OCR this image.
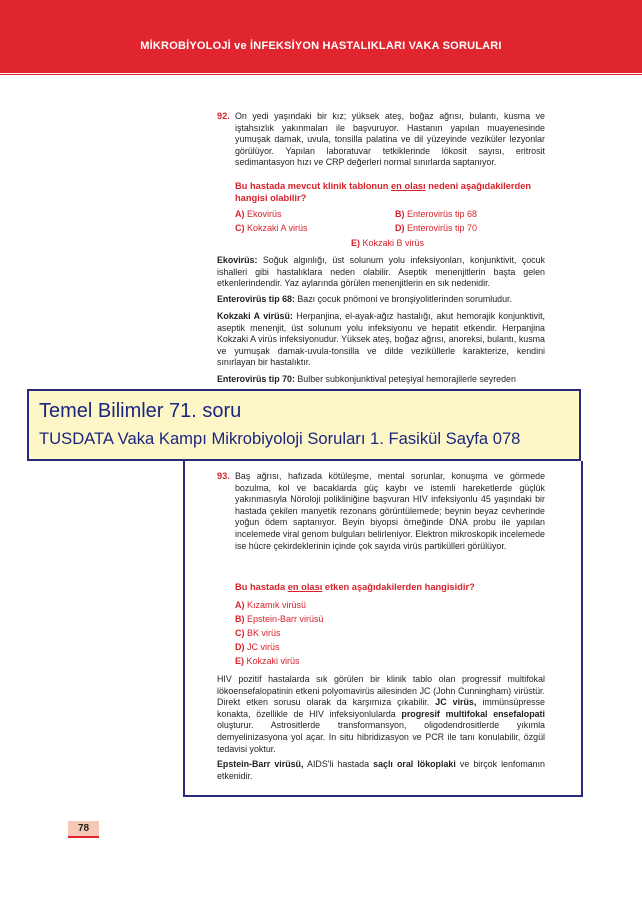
MİKROBİYOLOJİ ve İNFEKSİYON HASTALIKLARI VAKA SORULARI
92. On yedi yaşındaki bir kız; yüksek ateş, boğaz ağrısı, bulantı, kusma ve iştahsızlık yakınmaları ile başvuruyor. Hastanın yapılan muayenesinde yumuşak damak, uvula, tonsilla palatina ve dil yüzeyinde veziküler lezyonlar görülüyor. Yapılan laboratuvar tetkiklerinde lökosit sayısı, eritrosit sedimantasyon hızı ve CRP değerleri normal sınırlarda saptanıyor.
Bu hastada mevcut klinik tablonun en olası nedeni aşağıdakilerden hangisi olabilir?
A) Ekovirüs	B) Enterovirüs tip 68
C) Kokzaki A virüs	D) Enterovirüs tip 70
E) Kokzaki B virüs
Ekovirüs: Soğuk algınlığı, üst solunum yolu infeksiyonları, konjunktivit, çocuk ishalleri gibi hastalıklara neden olabilir. Aseptik menenjitlerin başta gelen etkenlerindendir. Yaz aylarında görülen menenjitlerin en sık nedenidir.
Enterovirüs tip 68: Bazı çocuk pnömoni ve bronşiyolitlerinden sorumludur.
Kokzaki A virüsü: Herpanjina, el-ayak-ağız hastalığı, akut hemorajik konjunktivit, aseptik menenjit, üst solunum yolu infeksiyonu ve hepatit etkendir. Herpanjina Kokzaki A virüs infeksiyonudur. Yüksek ateş, boğaz ağrısı, anoreksi, bulantı, kusma ve yumuşak damak-uvula-tonsilla ve dilde veziküllerle karakterize, kendini sınırlayan bir hastalıktır.
Enterovirüs tip 70: Bulber subkonjunktival peteşiyal hemorajilerle seyreden
Temel Bilimler 71. soru
TUSDATA Vaka Kampı Mikrobiyoloji Soruları 1. Fasikül Sayfa 078
93. Baş ağrısı, hafızada kötüleşme, mental sorunlar, konuşma ve görmede bozulma, kol ve bacaklarda güç kaybı ve istemli hareketlerde güçlük yakınmasıyla Nöroloji polikliniğine başvuran HIV infeksiyonlu 45 yaşındaki bir hastada çekilen manyetik rezonans görüntülemede; beynin beyaz cevherinde yoğun ödem saptanıyor. Beyin biyopsi örneğinde DNA probu ile yapılan incelemede viral genom bulguları belirleniyor. Elektron mikroskopik incelemede ise hücre çekirdeklerinin içinde çok sayıda virüs partikülleri görülüyor.
Bu hastada en olası etken aşağıdakilerden hangisidir?
A) Kızamık virüsü
B) Epstein-Barr virüsü
C) BK virüs
D) JC virüs
E) Kokzaki virüs
HIV pozitif hastalarda sık görülen bir klinik tablo olan progressif multifokal lökoensefalopatinin etkeni polyomavirüs ailesinden JC (John Cunningham) virüstür. Direkt etken sorusu olarak da karşımıza çıkabilir. JC virüs, immünsüpresse konakta, özellikle de HIV infeksiyonlularda progresif multifokal ensefalopati oluşturur. Astrositlerde transformansyon, oligodendrositlerde yıkımla demyelinizasyona yol açar. In situ hibridizasyon ve PCR ile tanı konulabilir, özgül tedavisi yoktur.
Epstein-Barr virüsü, AIDS'li hastada saçlı oral lökoplaki ve birçok lenfomanın etkenidir.
78
